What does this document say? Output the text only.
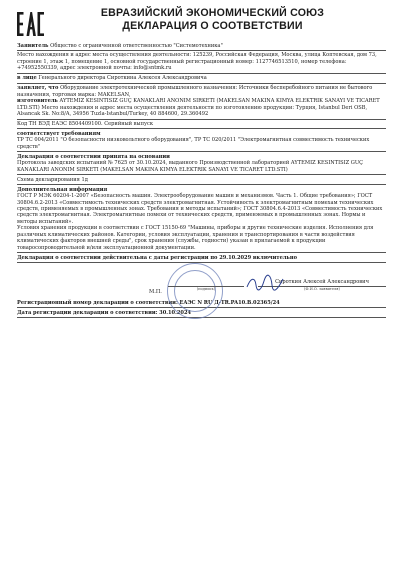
ЕВРАЗИЙСКИЙ ЭКОНОМИЧЕСКИЙ СОЮЗ
ДЕКЛАРАЦИЯ О СООТВЕТСТВИИ
Заявитель Общество с ограниченной ответственностью "Системотехника"
Место нахождения и адрес места осуществления деятельности: 125239, Российская Федерация, Москва, улица Коптевская, дом 73, строение 1, этаж 1, помещение 1, основной государственный регистрационный номер: 1127746513510, номер телефона: +74952550339, адрес электронной почты: info@sntmk.ru
в лице Генерального директора Сироткина Алексея Александровича
заявляет, что Оборудование электротехнической промышленного назначения: Источники бесперебойного питания не бытового назначения, торговая марка: MAKELSAN,
изготовитель AYTEMIZ KESINTISIZ GUÇ KANAKLARI ANONIM SIRKETI (MAKELSAN MAKINA KIMYA ELEKTRIK SANAYI VE TICARET LTD.STI) Место нахождения и адрес места осуществления деятельности по изготовлению продукции: Турция, Istanbul Deri OSB, Alsancak Sk. No:8/A, 34956 Tuzla-Istanbul/Turkey, 40 884600, 29.360492
Код ТН ВЭД ЕАЭС 8504409100. Серийный выпуск
соответствует требованиям
ТР ТС 004/2011 "О безопасности низковольтного оборудования", ТР ТС 020/2011 "Электромагнитная совместимость технических средств"
Декларация о соответствии принята на основании
Протокола заводских испытаний № 7625 от 30.10.2024, выданного Производственной лабораторией AYTEMIZ KESINTISIZ GUÇ KANAKLARI ANONIM SIRKETI (MAKELSAN MAKINA KIMYA ELEKTRIK SANAYI VE TICARET LTD.STI)
Схема декларирования 1д
Дополнительная информация
ГОСТ Р МЭК 60204-1-2007 «Безопасность машин. Электрооборудование машин и механизмов. Часть 1. Общие требования»; ГОСТ 30804.6.2-2013 «Совместимость технических средств электромагнитная. Устойчивость к электромагнитным помехам технических средств, применяемых в промышленных зонах. Требования и методы испытаний»; ГОСТ 30804.6.4-2013 «Совместимость технических средств электромагнитная. Электромагнитные помехи от технических средств, применяемых в промышленных зонах. Нормы и методы испытаний».
Условия хранения продукции в соответствии с ГОСТ 15150-69 "Машины, приборы и другие технические изделия. Исполнения для различных климатических районов. Категории, условия эксплуатации, хранения и транспортирования в части воздействия климатических факторов внешней среды", срок хранения (службы, годности) указан в прилагаемой к продукции товаросопроводительной и/или эксплуатационной документации.
Декларация о соответствии действительна с даты регистрации по 29.10.2029 включительно
(подпись)
Сироткин Алексей Александрович
(Ф.И.О. заявителя)
М.П.
Регистрационный номер декларации о соответствии: ЕАЭС N RU Д-TR.PA10.B.02365/24
Дата регистрации декларации о соответствии: 30.10.2024
